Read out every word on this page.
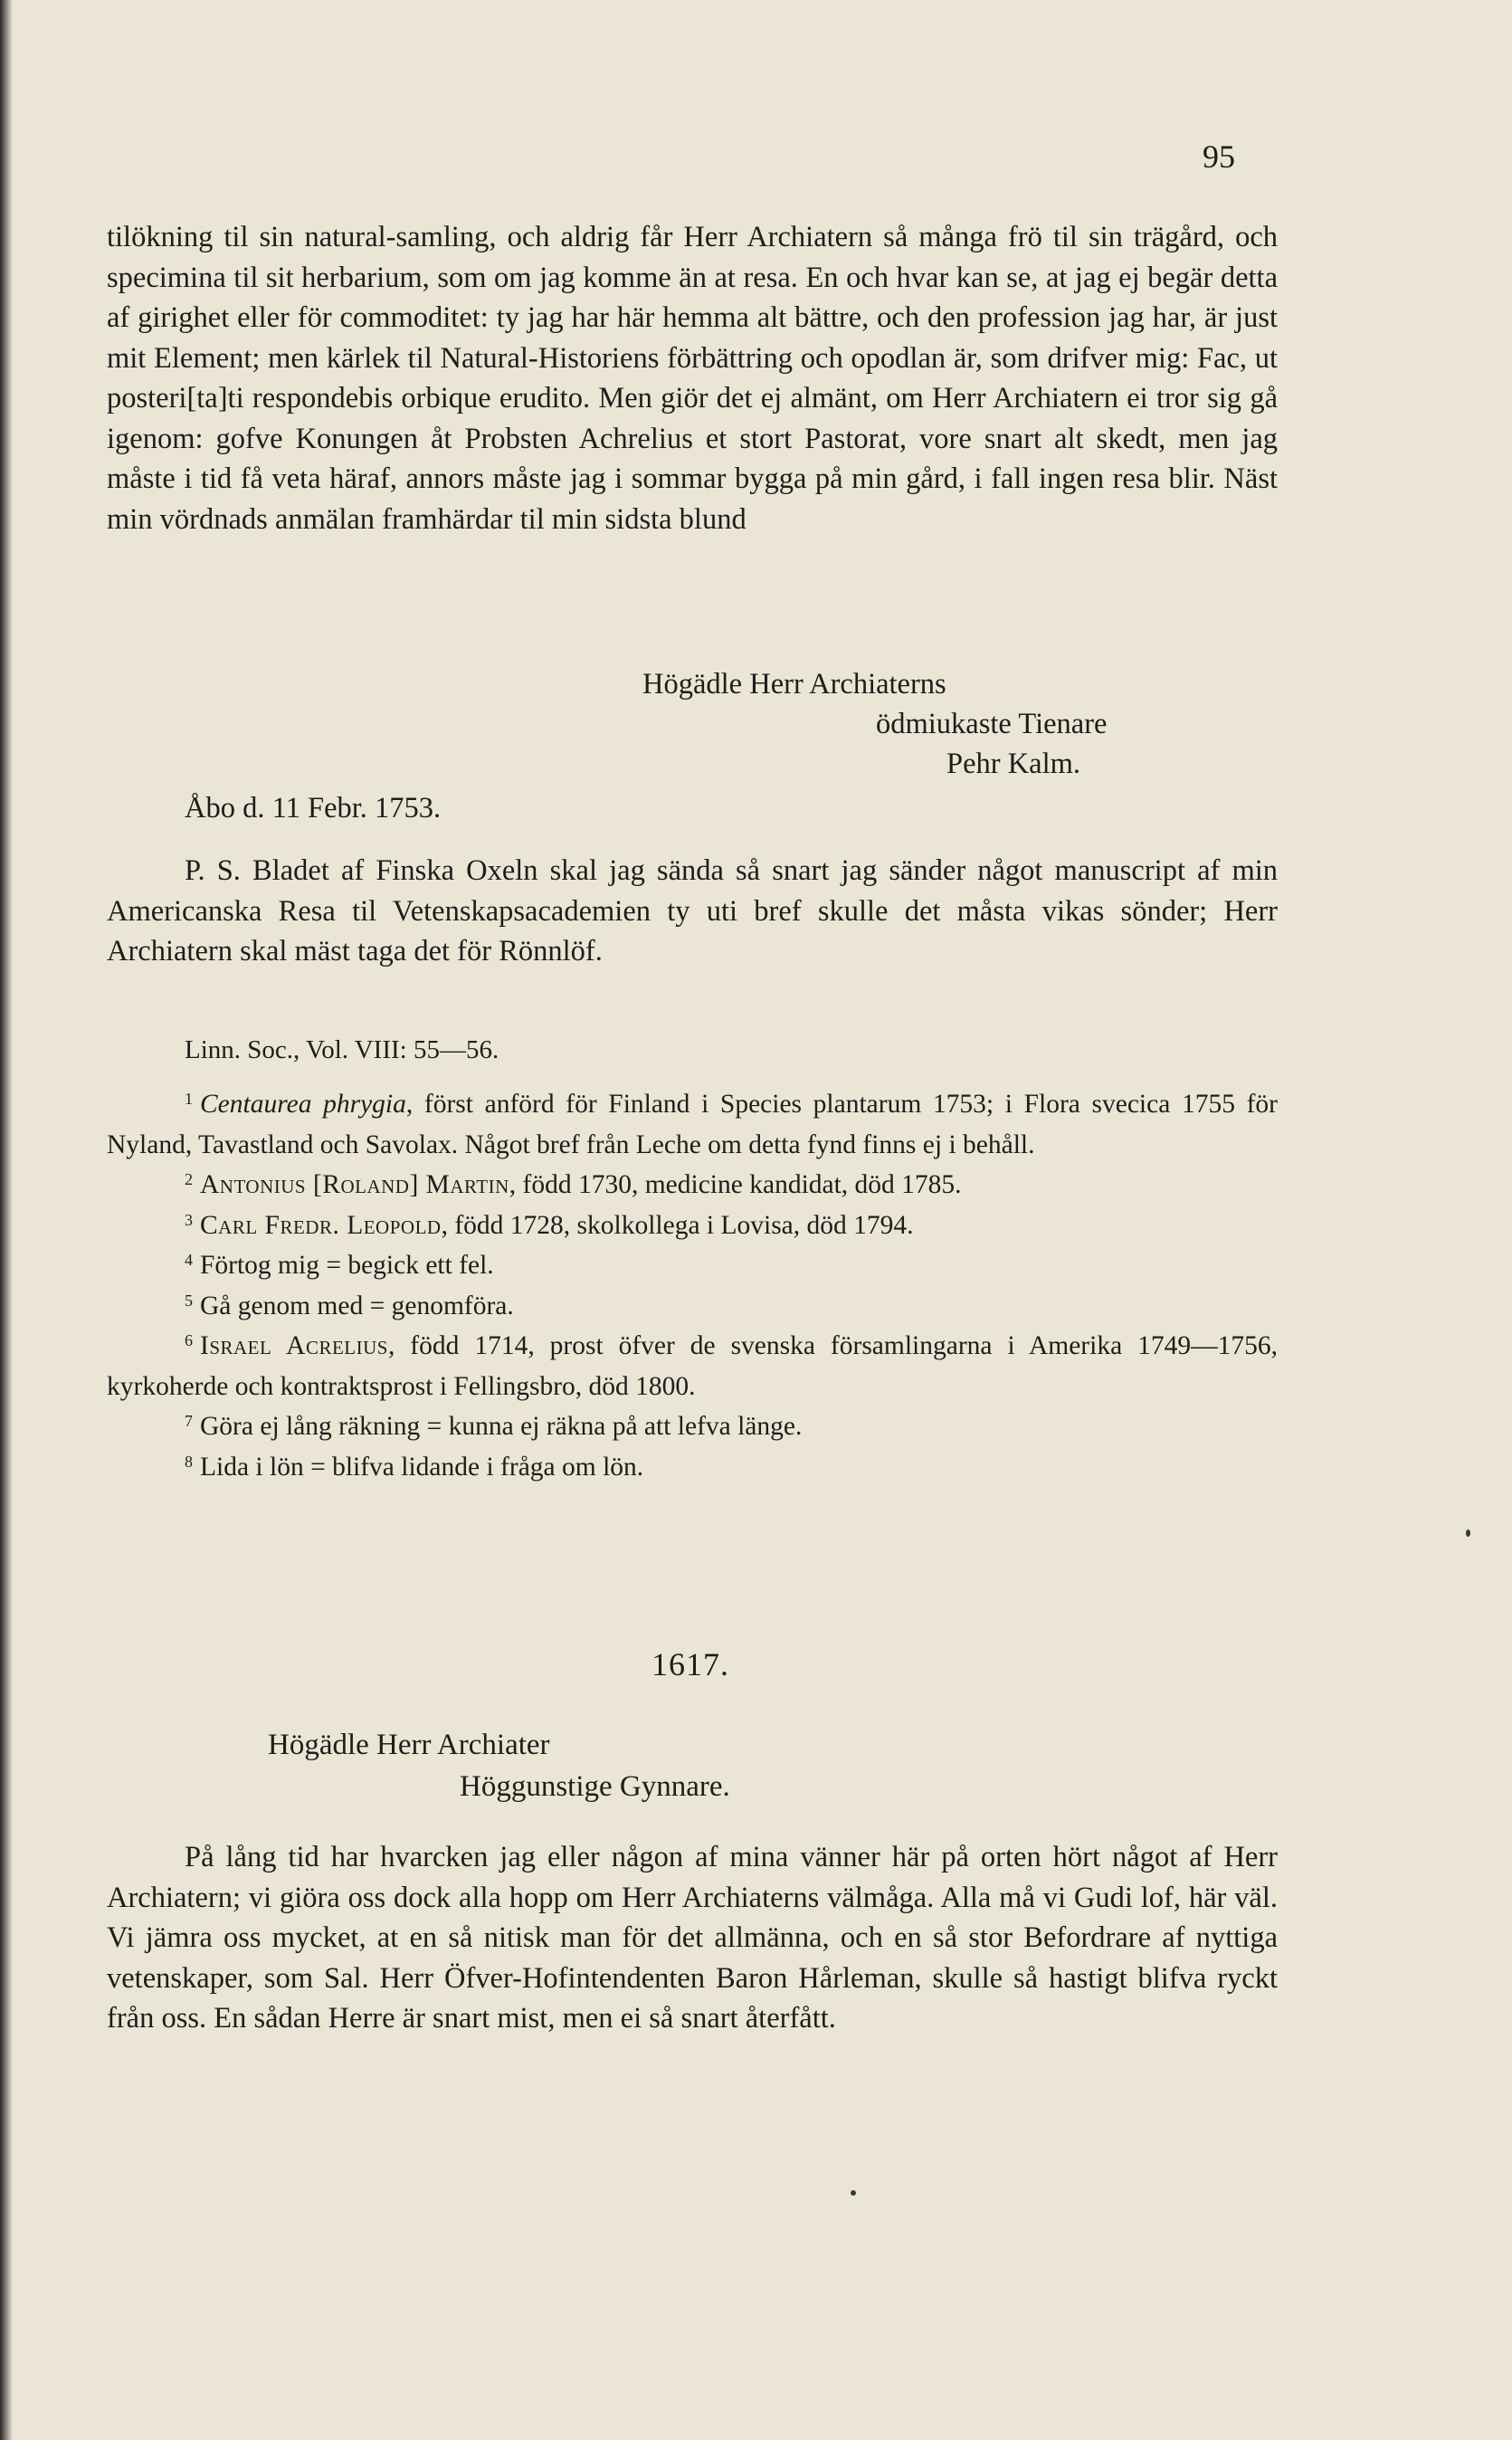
95

tilökning til sin natural-samling, och aldrig får Herr Archiatern så många frö til sin trägård, och specimina til sit herbarium, som om jag komme än at resa. En och hvar kan se, at jag ej begär detta af girighet eller för commoditet: ty jag har här hemma alt bättre, och den profession jag har, är just mit Element; men kärlek til Natural-Historiens förbättring och opodlan är, som drifver mig: Fac, ut posteri[ta]ti respondebis orbique erudito. Men giör det ej almänt, om Herr Archiatern ei tror sig gå igenom: gofve Konungen åt Probsten Achrelius et stort Pastorat, vore snart alt skedt, men jag måste i tid få veta häraf, annors måste jag i sommar bygga på min gård, i fall ingen resa blir. Näst min vördnads anmälan framhärdar til min sidsta blund

Högädle Herr Archiaterns
ödmiukaste Tienare
Pehr Kalm.
Åbo d. 11 Febr. 1753.

P. S. Bladet af Finska Oxeln skal jag sända så snart jag sänder något manuscript af min Americanska Resa til Vetenskapsacademien ty uti bref skulle det måsta vikas sönder; Herr Archiatern skal mäst taga det för Rönnlöf.

Linn. Soc., Vol. VIII: 55—56.

$^1$ Centaurea phrygia, först anförd för Finland i Species plantarum 1753; i Flora svecica 1755 för Nyland, Tavastland och Savolax. Något bref från Leche om detta fynd finns ej i behåll.

$^2$ Antonius [Roland] Martin, född 1730, medicine kandidat, död 1785.

$^3$ Carl Fredr. Leopold, född 1728, skolkollega i Lovisa, död 1794.

$^4$ Förtog mig = begick ett fel.

$^5$ Gå genom med = genomföra.

$^6$ Israel Acrelius, född 1714, prost öfver de svenska församlingarna i Amerika 1749—1756, kyrkoherde och kontraktsprost i Fellingsbro, död 1800.

$^7$ Göra ej lång räkning = kunna ej räkna på att lefva länge.

$^8$ Lida i lön = blifva lidande i fråga om lön.

1617.
Högädle Herr Archiater
Höggunstige Gynnare.

På lång tid har hvarcken jag eller någon af mina vänner här på orten hört något af Herr Archiatern; vi giöra oss dock alla hopp om Herr Archiaterns välmåga. Alla må vi Gudi lof, här väl. Vi jämra oss mycket, at en så nitisk man för det allmänna, och en så stor Befordrare af nyttiga vetenskaper, som Sal. Herr Öfver-Hofintendenten Baron Hårleman, skulle så hastigt blifva ryckt från oss. En sådan Herre är snart mist, men ei så snart återfått.
